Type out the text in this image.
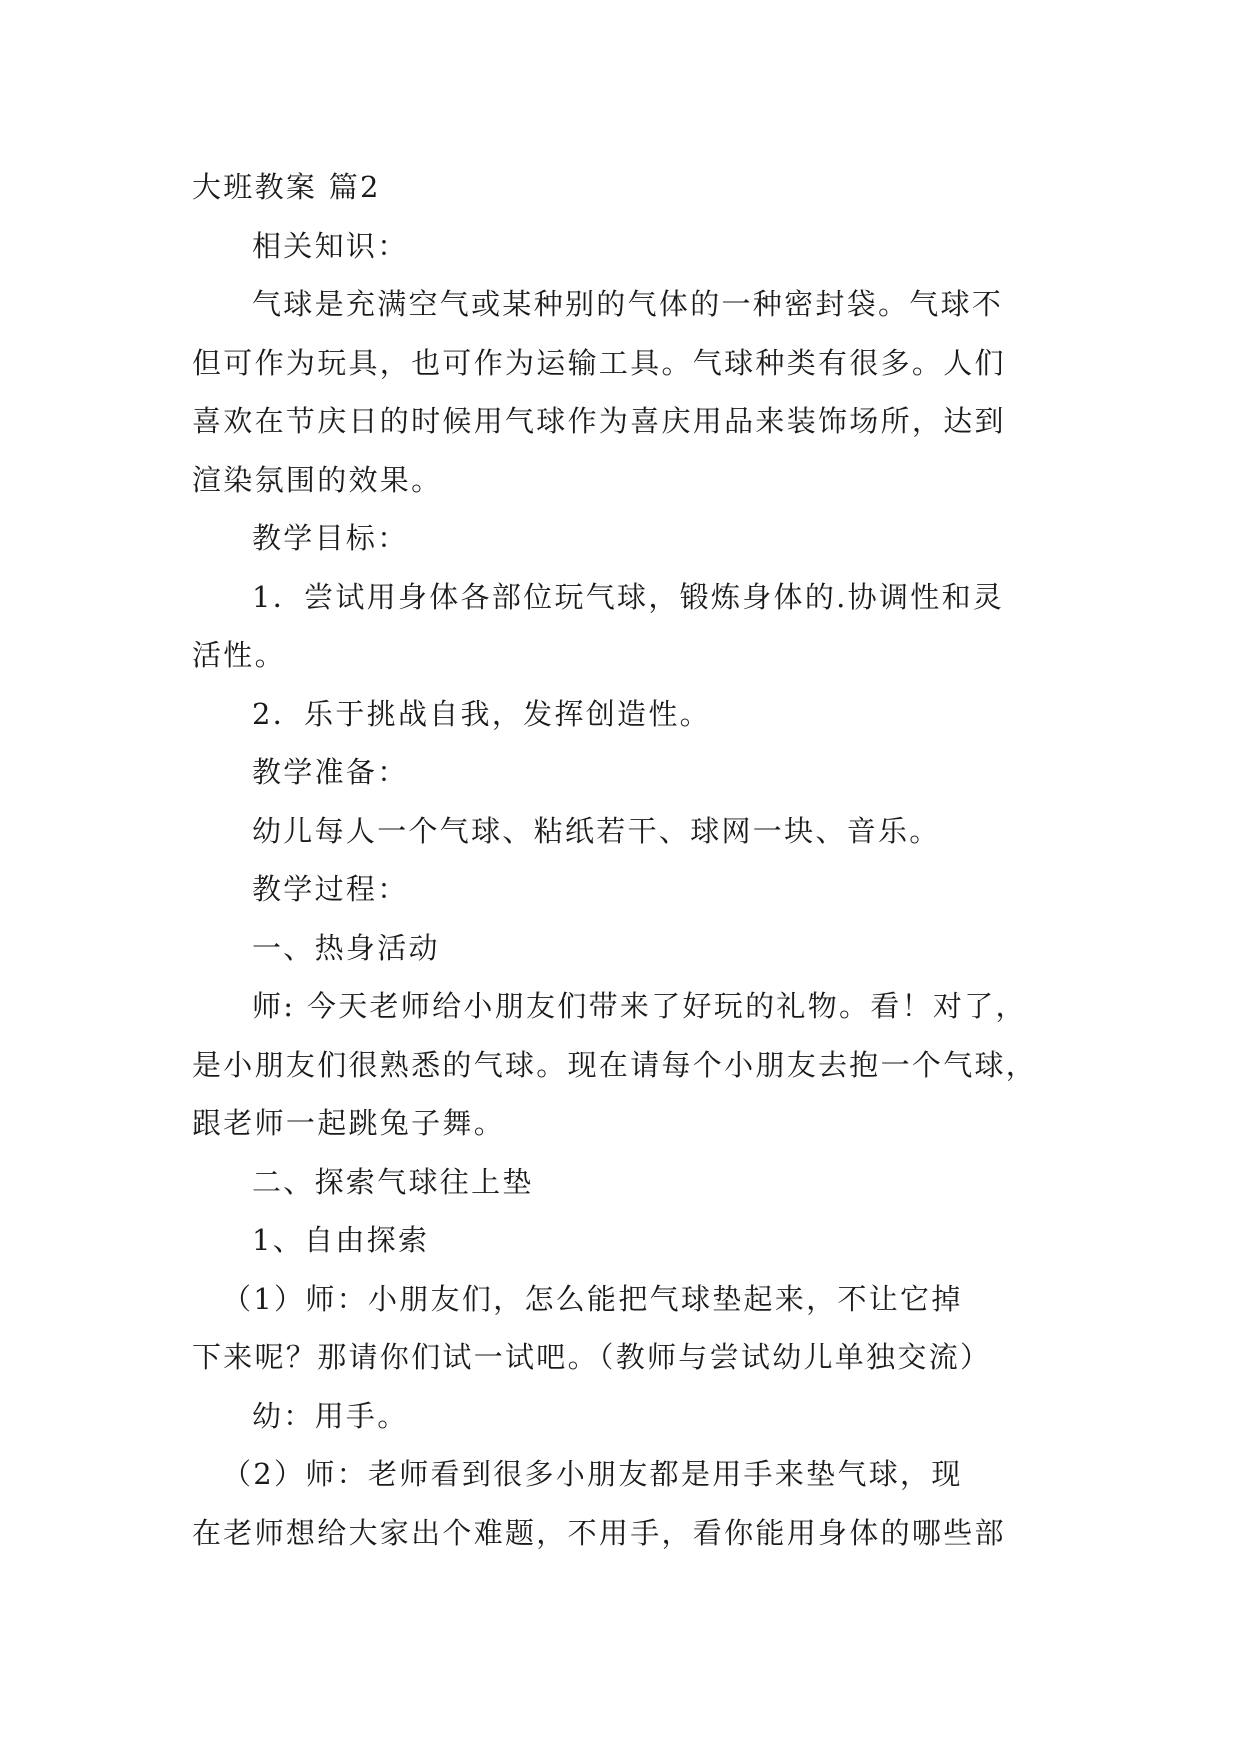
大班教案 篇2
相关知识：
气球是充满空气或某种别的气体的一种密封袋。气球不
但可作为玩具，也可作为运输工具。气球种类有很多。人们
喜欢在节庆日的时候用气球作为喜庆用品来装饰场所，达到
渲染氛围的效果。
教学目标：
1．尝试用身体各部位玩气球，锻炼身体的.协调性和灵
活性。
2．乐于挑战自我，发挥创造性。
教学准备：
幼儿每人一个气球、粘纸若干、球网一块、音乐。
教学过程：
一、热身活动
师: 今天老师给小朋友们带来了好玩的礼物。看！对了，
是小朋友们很熟悉的气球。现在请每个小朋友去抱一个气球，
跟老师一起跳兔子舞。
二、探索气球往上垫
1、自由探索
（1）师：小朋友们，怎么能把气球垫起来，不让它掉
下来呢？那请你们试一试吧。（教师与尝试幼儿单独交流）
幼：用手。
（2）师：老师看到很多小朋友都是用手来垫气球，现
在老师想给大家出个难题，不用手，看你能用身体的哪些部
